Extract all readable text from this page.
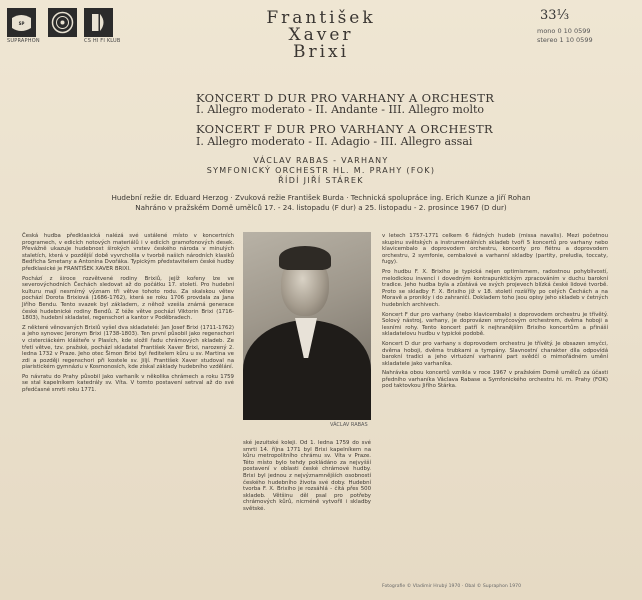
SP
SUPRAPHON	CS HI FI KLUB
František
Xaver
Brixi
33⅓
mono 0 10 0599
stereo 1 10 0599
KONCERT D DUR PRO VARHANY A ORCHESTR
I. Allegro moderato - II. Andante - III. Allegro molto
KONCERT F DUR PRO VARHANY A ORCHESTR
I. Allegro moderato - II. Adagio - III. Allegro assai
VÁCLAV RABAS - VARHANY
SYMFONICKÝ ORCHESTR HL. M. PRAHY (FOK)
ŘÍDÍ JIŘÍ STÁREK
Hudební režie dr. Eduard Herzog · Zvuková režie František Burda · Technická spolupráce ing. Erich Kunze a Jiří Rohan
Nahráno v pražském Domě umělců 17. - 24. listopadu (F dur) a 25. listopadu - 2. prosince 1967 (D dur)

Česká hudba předklasická nalézá své ustálené místo v koncertních programech, v edicích notových materiálů i v edicích gramofonových desek. Převážně ukazuje hudebnost širokých vrstev českého národa v minulých staletích, která v pozdější době vyvrcholila v tvorbě našich národních klasiků Bedřicha Smetany a Antonína Dvořáka. Typickým představitelem české hudby předklasické je FRANTIŠEK XAVER BRIXI.

Pochází z široce rozvětvené rodiny Brixiů, jejíž kořeny lze ve severovýchodních Čechách sledovat až do počátku 17. století. Pro hudební kulturu mají nesmírný význam tři větve tohoto rodu. Za skalskou větev pochází Dorota Brixiová (1686-1762), která se roku 1706 provdala za Jana Jiřího Bendu. Tento svazek byl základem, z něhož vzešla známá generace české hudebnické rodiny Bendů. Z téže větve pochází Viktorin Brixi (1716-1803), hudební skladatel, regenschori a kantor v Poděbradech.

Z některé věnovaných Brixiů vyšel dva skladatelé: Jan Josef Brixi (1711-1762) a jeho synovec Jeronym Brixi (1738-1803). Ten první působil jako regenschori v cisterciáckém klášteře v Plasích, kde složil řadu chrámových skladeb. Ze třetí větve, tzv. pražské, pochází skladatel František Xaver Brixi, narozený 2. ledna 1732 v Praze. Jeho otec Šimon Brixi byl ředitelem kůru u sv. Martina ve zdi a později regenschori při kostele sv. Jiljí. František Xaver studoval na piaristickém gymnáziu v Kosmonosích, kde získal základy hudebního vzdělání.

Po návratu do Prahy působil jako varhaník v několika chrámech a roku 1759 se stal kapelníkem katedrály sv. Víta. V tomto postavení setrval až do své předčasné smrti roku 1771.

VÁCLAV RABAS

ské jezuitské koleji. Od 1. ledna 1759 do své smrti 14. října 1771 byl Brixi kapelníkem na kůru metropolitního chrámu sv. Víta v Praze. Této místo bylo tehdy pokládáno za nejvyšší postavení v oblasti české chrámové hudby. Brixi byl jednou z nejvýznamnějších osobností českého hudebního života své doby. Hudební tvorba F. X. Brixiho je rozsáhlá - čítá přes 500 skladeb. Většinu děl psal pro potřeby chrámových kůrů, nicméně vytvořil i skladby světské.

v letech 1757-1771 celkem 6 řádných hudeb (missa navalis). Mezi početnou skupinu světských a instrumentálních skladeb tvoří 5 koncertů pro varhany nebo klavicembalo a doprovodem orchestru, koncerty pro flétnu a doprovodem orchestru, 2 symfonie, cembalové a varhanní skladby (partity, preludia, toccaty, fugy).

Pro hudbu F. X. Brixiho je typická nejen optimismem, radostnou pohyblivostí, melodickou invencí i dovedným kontrapunktickým zpracováním v duchu barokní tradice. Jeho hudba byla a zůstává ve svých projevech blízká české lidové tvorbě. Proto se skladby F. X. Brixiho již v 18. století rozšířily po celých Čechách a na Moravě a pronikly i do zahraničí. Dokladem toho jsou opisy jeho skladeb v četných hudebních archivech.

Koncert F dur pro varhany (nebo klavicembalo) s doprovodem orchestru je třívětý. Solový nástroj, varhany, je doprovázen smyčcovým orchestrem, dvěma hoboji a lesními rohy. Tento koncert patří k nejhranějším Brixiho koncertům a přináší skladatelovu hudbu v typické podobě.

Koncert D dur pro varhany s doprovodem orchestru je třívětý. Je obsazen smyčci, dvěma hoboji, dvěma trubkami a tympány. Slavnostní charakter díla odpovídá barokní tradici a jeho virtuózní varhanní part svědčí o mimořádném umění skladatele jako varhaníka.

Nahrávka obou koncertů vznikla v roce 1967 v pražském Domě umělců za účasti předního varhaníka Václava Rabase a Symfonického orchestru hl. m. Prahy (FOK) pod taktovkou Jiřího Stárka.

Fotografie © Vladimír Hrubý 1970 · Obal © Supraphon 1970
